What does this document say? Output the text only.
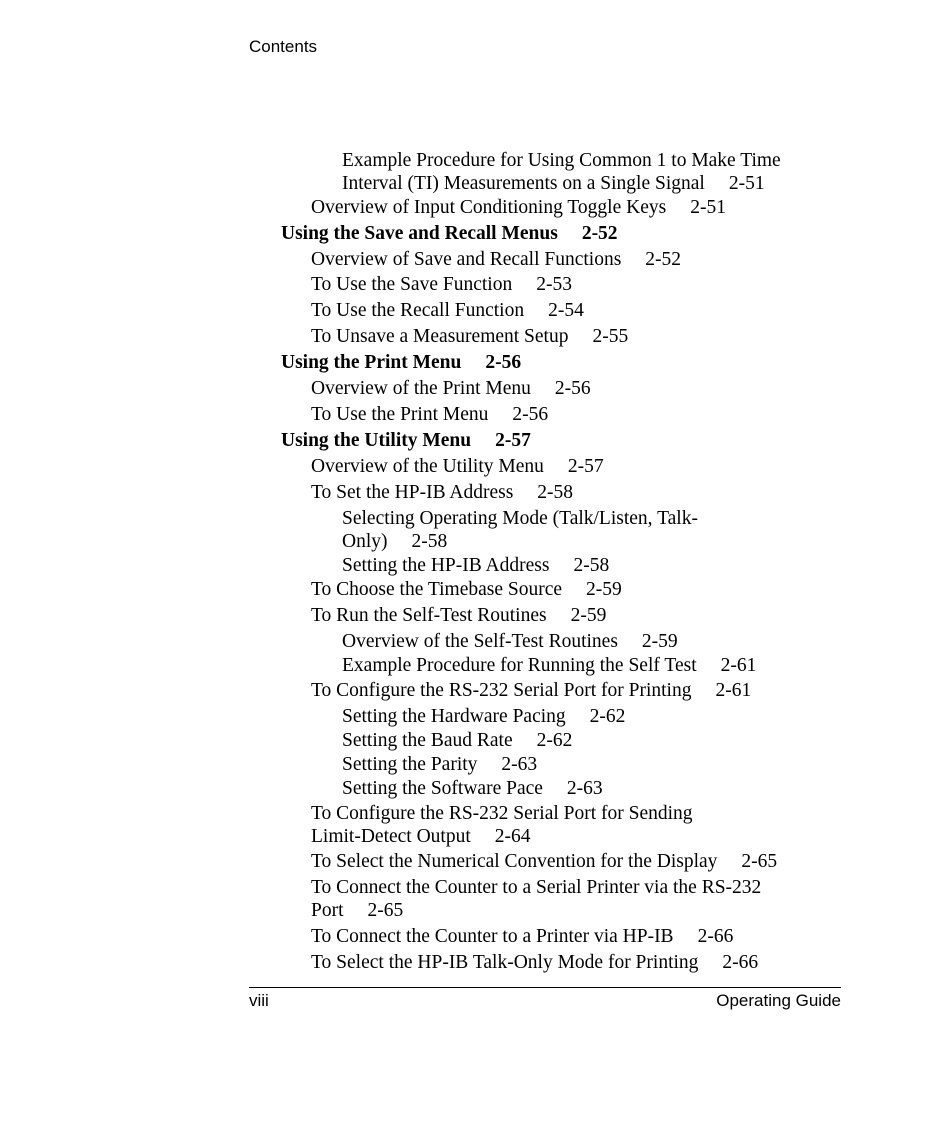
Contents
Example Procedure for Using Common 1 to Make Time
Interval (TI) Measurements on a Single Signal 2-51
Overview of Input Conditioning Toggle Keys 2-51
Using the Save and Recall Menus 2-52
Overview of Save and Recall Functions 2-52
To Use the Save Function 2-53
To Use the Recall Function 2-54
To Unsave a Measurement Setup 2-55
Using the Print Menu 2-56
Overview of the Print Menu 2-56
To Use the Print Menu 2-56
Using the Utility Menu 2-57
Overview of the Utility Menu 2-57
To Set the HP-IB Address 2-58
Selecting Operating Mode (Talk/Listen, Talk-
Only) 2-58
Setting the HP-IB Address 2-58
To Choose the Timebase Source 2-59
To Run the Self-Test Routines 2-59
Overview of the Self-Test Routines 2-59
Example Procedure for Running the Self Test 2-61
To Configure the RS-232 Serial Port for Printing 2-61
Setting the Hardware Pacing 2-62
Setting the Baud Rate 2-62
Setting the Parity 2-63
Setting the Software Pace 2-63
To Configure the RS-232 Serial Port for Sending
Limit-Detect Output 2-64
To Select the Numerical Convention for the Display 2-65
To Connect the Counter to a Serial Printer via the RS-232
Port 2-65
To Connect the Counter to a Printer via HP-IB 2-66
To Select the HP-IB Talk-Only Mode for Printing 2-66
viii	Operating Guide
